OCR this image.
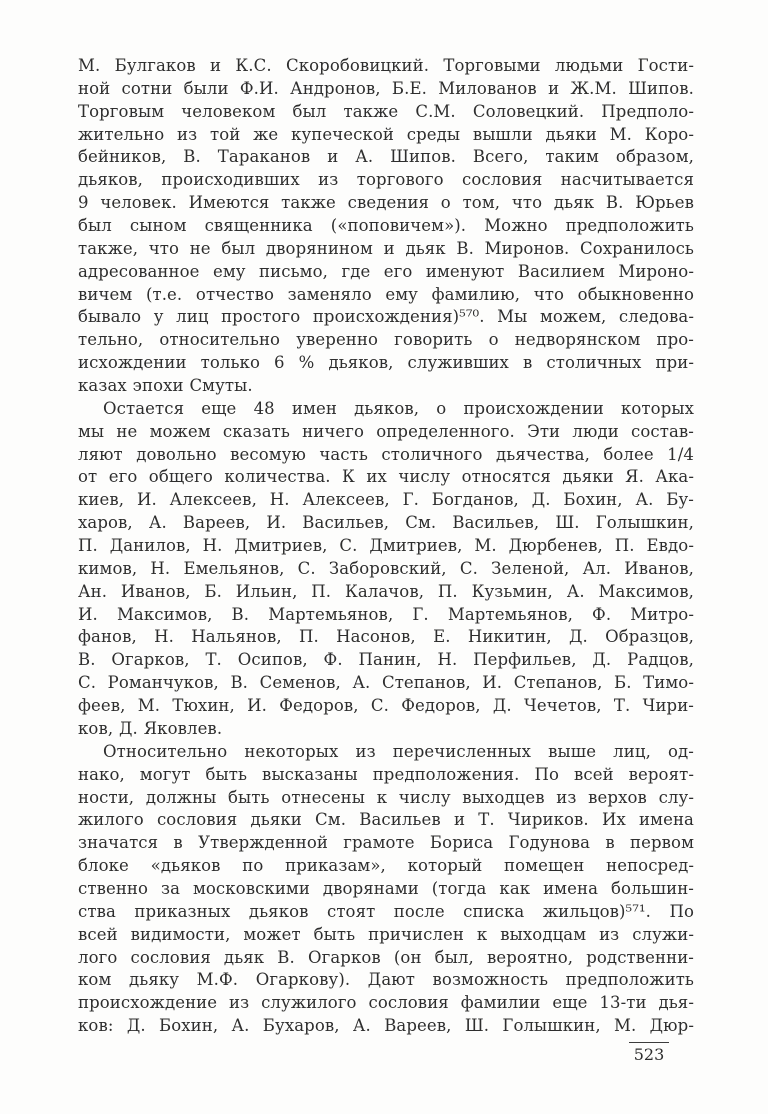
М. Булгаков и К.С. Скоробовицкий. Торговыми людьми Гости-
ной сотни были Ф.И. Андронов, Б.Е. Милованов и Ж.М. Шипов.
Торговым человеком был также С.М. Соловецкий. Предполо-
жительно из той же купеческой среды вышли дьяки М. Коро-
бейников, В. Тараканов и А. Шипов. Всего, таким образом,
дьяков, происходивших из торгового сословия насчитывается
9 человек. Имеются также сведения о том, что дьяк В. Юрьев
был сыном священника («поповичем»). Можно предположить
также, что не был дворянином и дьяк В. Миронов. Сохранилось
адресованное ему письмо, где его именуют Василием Мироно-
вичем (т.е. отчество заменяло ему фамилию, что обыкновенно
бывало у лиц простого происхождения)⁵⁷⁰. Мы можем, следова-
тельно, относительно уверенно говорить о недворянском про-
исхождении только 6 % дьяков, служивших в столичных при-
казах эпохи Смуты.
Остается еще 48 имен дьяков, о происхождении которых
мы не можем сказать ничего определенного. Эти люди состав-
ляют довольно весомую часть столичного дьячества, более 1/4
от его общего количества. К их числу относятся дьяки Я. Ака-
киев, И. Алексеев, Н. Алексеев, Г. Богданов, Д. Бохин, А. Бу-
харов, А. Вареев, И. Васильев, См. Васильев, Ш. Голышкин,
П. Данилов, Н. Дмитриев, С. Дмитриев, М. Дюрбенев, П. Евдо-
кимов, Н. Емельянов, С. Заборовский, С. Зеленой, Ал. Иванов,
Ан. Иванов, Б. Ильин, П. Калачов, П. Кузьмин, А. Максимов,
И. Максимов, В. Мартемьянов, Г. Мартемьянов, Ф. Митро-
фанов, Н. Нальянов, П. Насонов, Е. Никитин, Д. Образцов,
В. Огарков, Т. Осипов, Ф. Панин, Н. Перфильев, Д. Радцов,
С. Романчуков, В. Семенов, А. Степанов, И. Степанов, Б. Тимо-
феев, М. Тюхин, И. Федоров, С. Федоров, Д. Чечетов, Т. Чири-
ков, Д. Яковлев.
Относительно некоторых из перечисленных выше лиц, од-
нако, могут быть высказаны предположения. По всей вероят-
ности, должны быть отнесены к числу выходцев из верхов слу-
жилого сословия дьяки См. Васильев и Т. Чириков. Их имена
значатся в Утвержденной грамоте Бориса Годунова в первом
блоке «дьяков по приказам», который помещен непосред-
ственно за московскими дворянами (тогда как имена большин-
ства приказных дьяков стоят после списка жильцов)⁵⁷¹. По
всей видимости, может быть причислен к выходцам из служи-
лого сословия дьяк В. Огарков (он был, вероятно, родственни-
ком дьяку М.Ф. Огаркову). Дают возможность предположить
происхождение из служилого сословия фамилии еще 13-ти дья-
ков: Д. Бохин, А. Бухаров, А. Вареев, Ш. Голышкин, М. Дюр-
523
